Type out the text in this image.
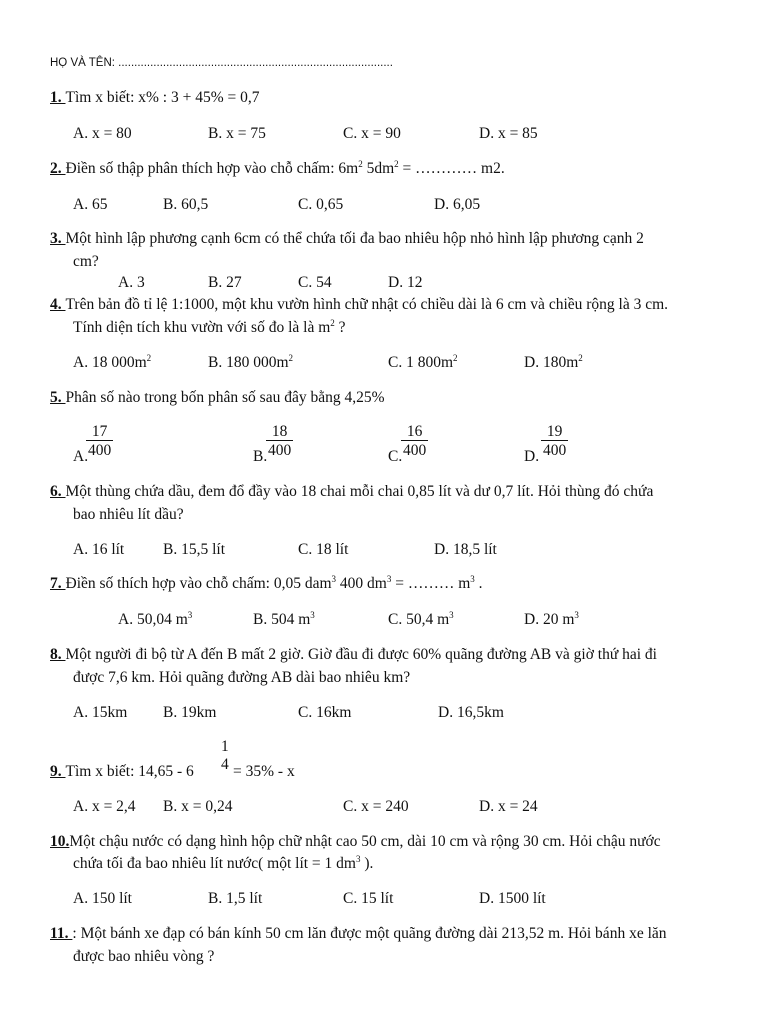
HỌ VÀ TÊN: ......................................................................................
1. Tìm x biết: x% : 3 + 45% = 0,7
A. x = 80	B. x = 75	C. x = 90	D. x = 85
2. Điền số thập phân thích hợp vào chỗ chấm: $6m^2$ $5dm^2$ = ………… m2.
A. 65	B. 60,5	C. 0,65	D. 6,05
3. Một hình lập phương cạnh 6cm có thể chứa tối đa bao nhiêu hộp nhỏ hình lập phương cạnh 2
cm?
A. 3	B. 27	C. 54	D. 12
4. Trên bản đồ tỉ lệ 1:1000, một khu vườn hình chữ nhật có chiều dài là 6 cm và chiều rộng là 3 cm.
Tính diện tích khu vườn với số đo là là $m^2$ ?
A. 18 $000m^2$	B. 180 $000m^2$	C. 1 $800m^2$	D. $180m^2$
5. Phân số nào trong bốn phân số sau đây bằng 4,25%
A.
$\frac{17}{400}$	B.
$\frac{18}{400}$	C.
$\frac{16}{400}$	D. $\frac{19}{400}$
6. Một thùng chứa dầu, đem đổ đầy vào 18 chai mỗi chai 0,85 lít và dư 0,7 lít. Hỏi thùng đó chứa
bao nhiêu lít dầu?
A. 16 lít	B. 15,5 lít	C. 18 lít	D. 18,5 lít
7. Điền số thích hợp vào chỗ chấm: 0,05 dam$^3$ 400 $dm^3$ = ……… $m^3$ .
A. 50,04 $m^3$	B. 504 $m^3$	C. 50,4 $m^3$	D. 20 $m^3$
8. Một người đi bộ từ A đến B mất 2 giờ. Giờ đầu đi được 60% quãng đường AB và giờ thứ hai đi
được 7,6 km. Hỏi quãng đường AB dài bao nhiêu km?
A. 15km B. 19km	C. 16km	D. 16,5km
9. Tìm x biết: 14,65 - 6
1
4 = 35% - x
A. x = 2,4 B. x = 0,24	C. x = 240	D. x = 24
10.Một chậu nước có dạng hình hộp chữ nhật cao 50 cm, dài 10 cm và rộng 30 cm. Hỏi chậu nước
chứa tối đa bao nhiêu lít nước( một lít = 1 $dm^3$ ).
A. 150 lít	B. 1,5 lít	C. 15 lít	D. 1500 lít
11. : Một bánh xe đạp có bán kính 50 cm lăn được một quãng đường dài 213,52 m. Hỏi bánh xe lăn
được bao nhiêu vòng ?
